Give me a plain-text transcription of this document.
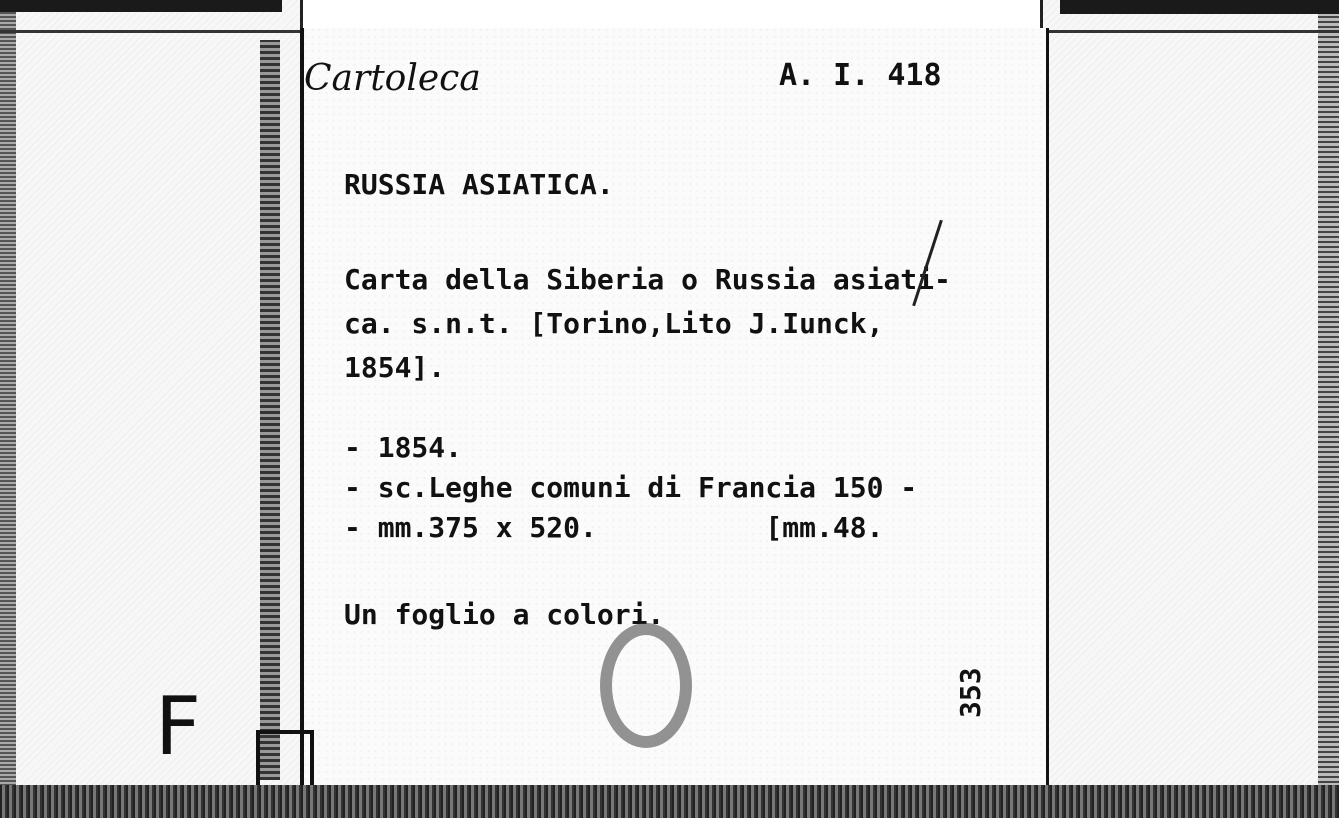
F
Cartoleca	A. I. 418
RUSSIA ASIATICA.
Carta della Siberia o Russia asiati-
ca. s.n.t. [Torino,Lito J.Iunck,
1854].
- 1854.
- sc.Leghe comuni di Francia 150 -
- mm.375 x 520.          [mm.48.
Un foglio a colori.
353
